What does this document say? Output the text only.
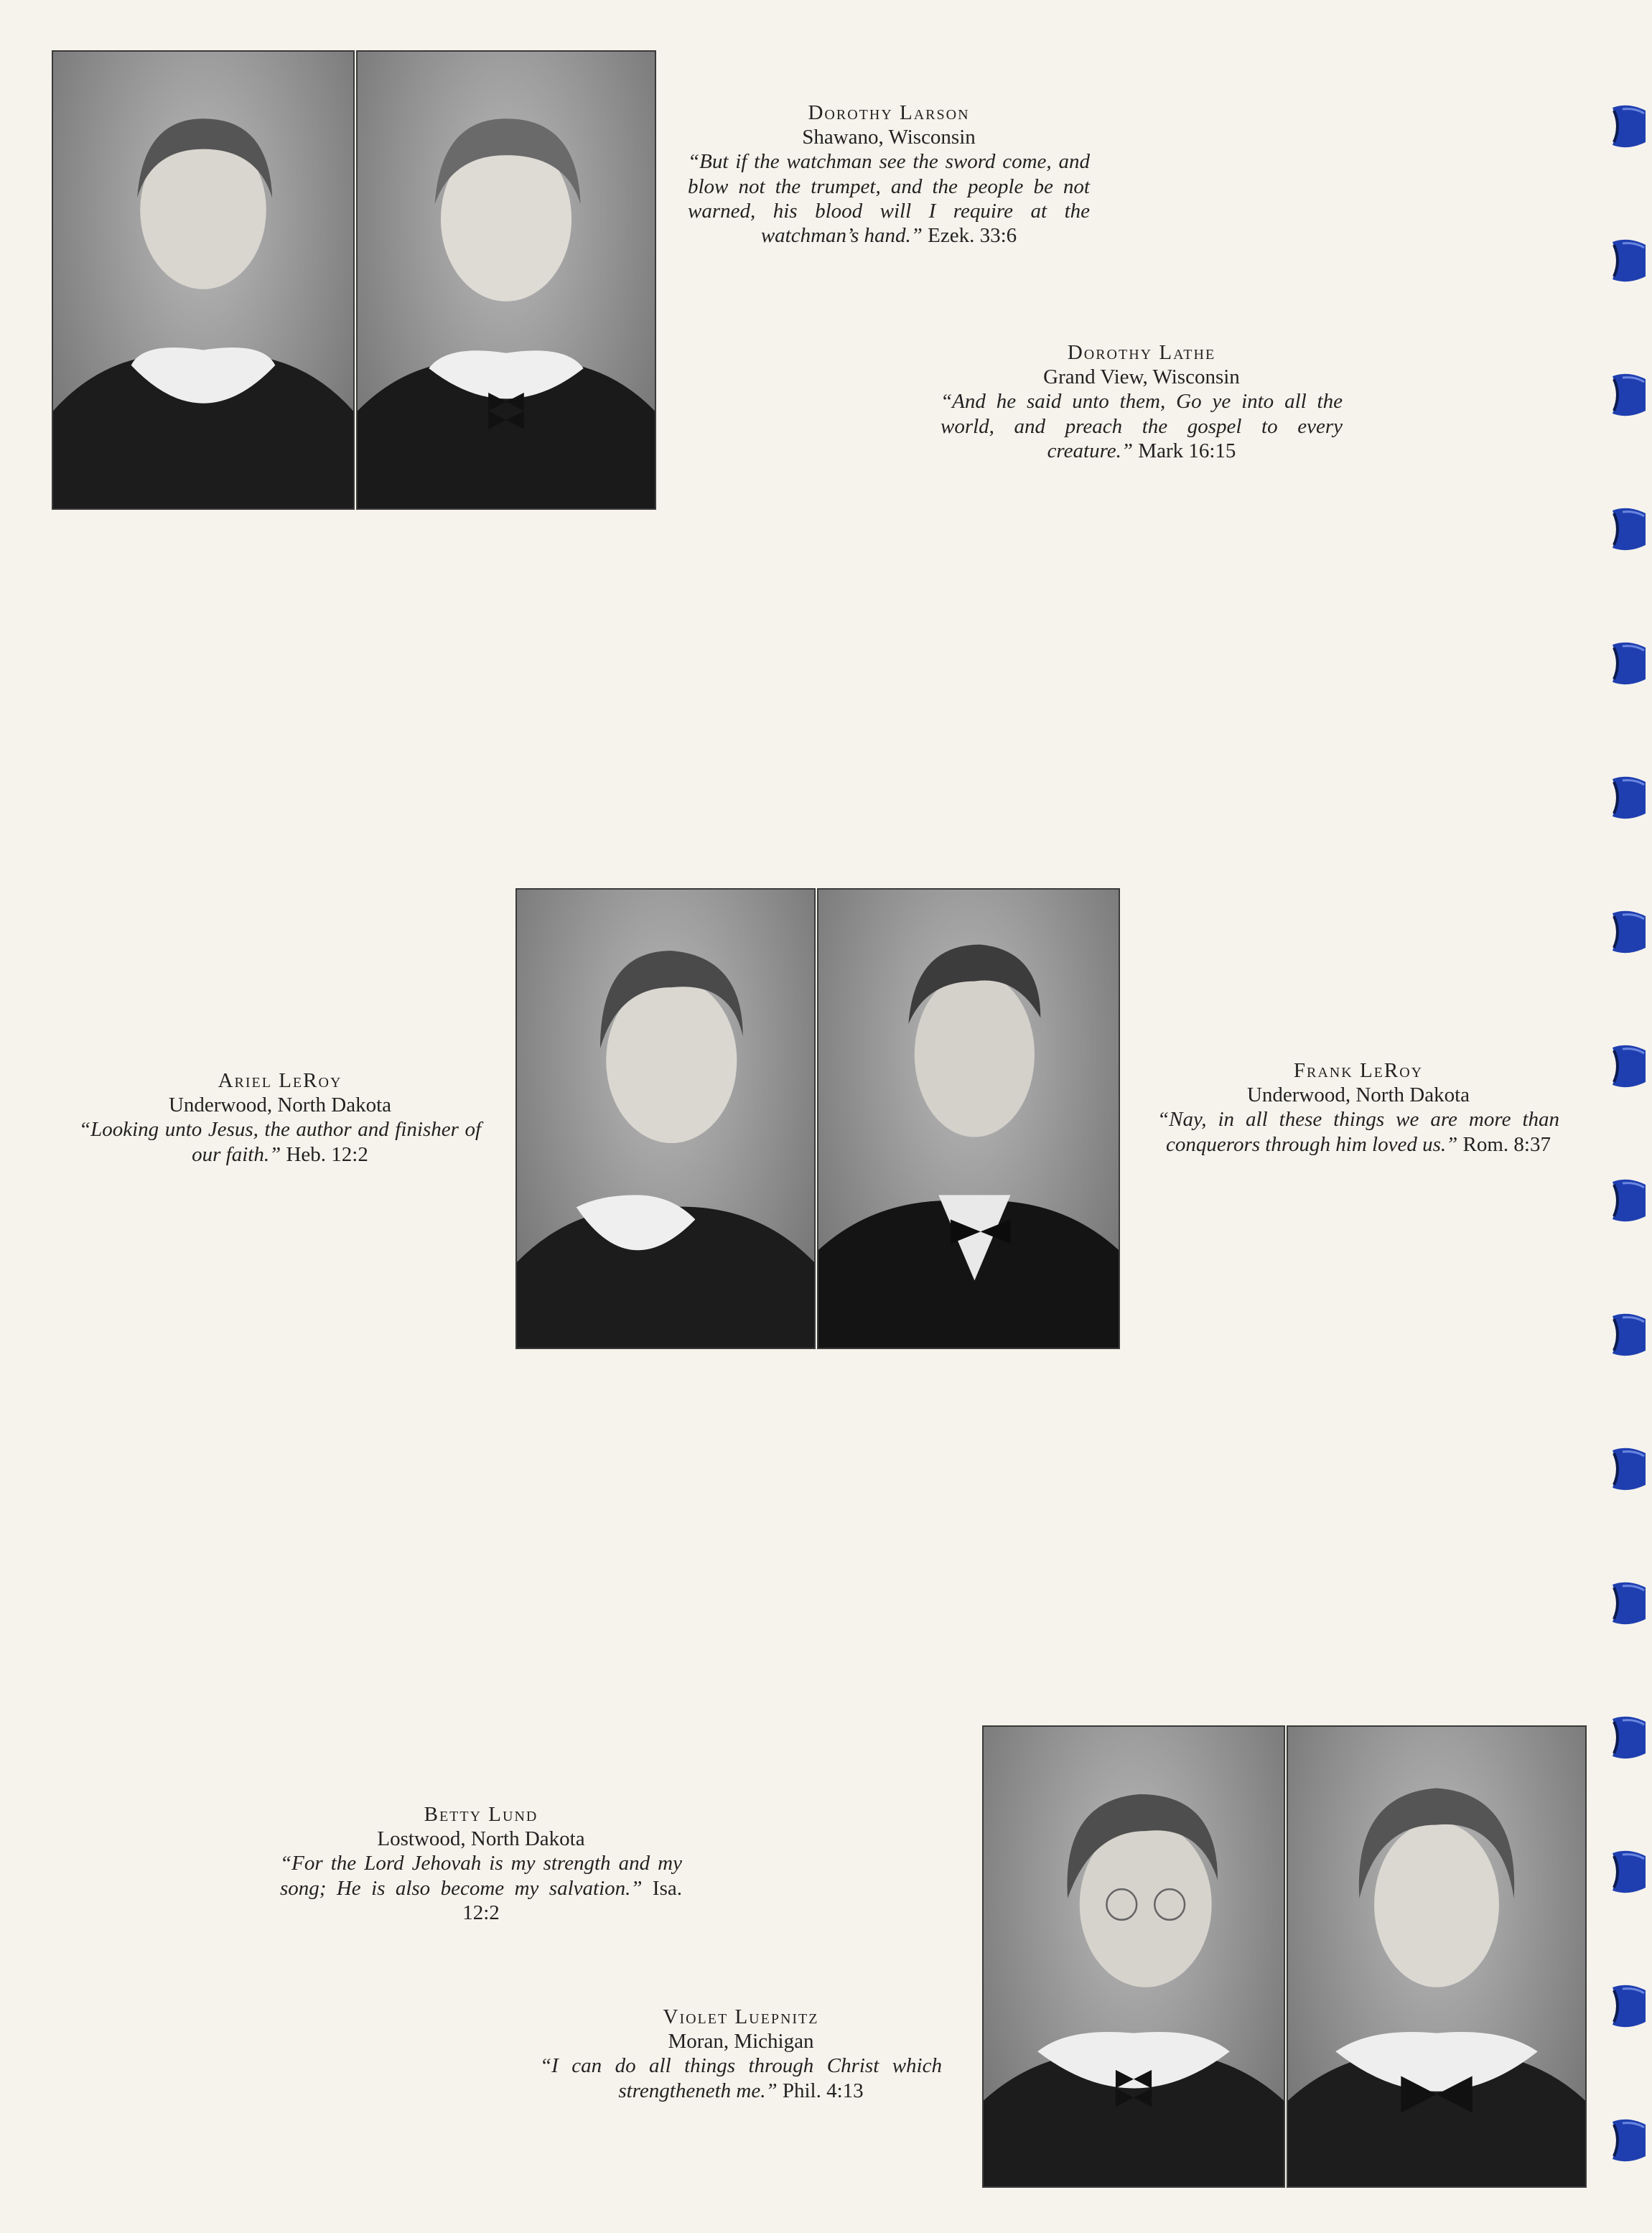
Dorothy Larson
Shawano, Wisconsin
“But if the watchman see the sword come, and blow not the trumpet, and the people be not warned, his blood will I require at the watchman’s hand.” Ezek. 33:6
Dorothy Lathe
Grand View, Wisconsin
“And he said unto them, Go ye into all the world, and preach the gospel to every creature.” Mark 16:15
Ariel LeRoy
Underwood, North Dakota
“Looking unto Jesus, the author and finisher of our faith.” Heb. 12:2
Frank LeRoy
Underwood, North Dakota
“Nay, in all these things we are more than conquerors through him loved us.” Rom. 8:37
Betty Lund
Lostwood, North Dakota
“For the Lord Jehovah is my strength and my song; He is also become my salvation.” Isa. 12:2
Violet Luepnitz
Moran, Michigan
“I can do all things through Christ which strengtheneth me.” Phil. 4:13
